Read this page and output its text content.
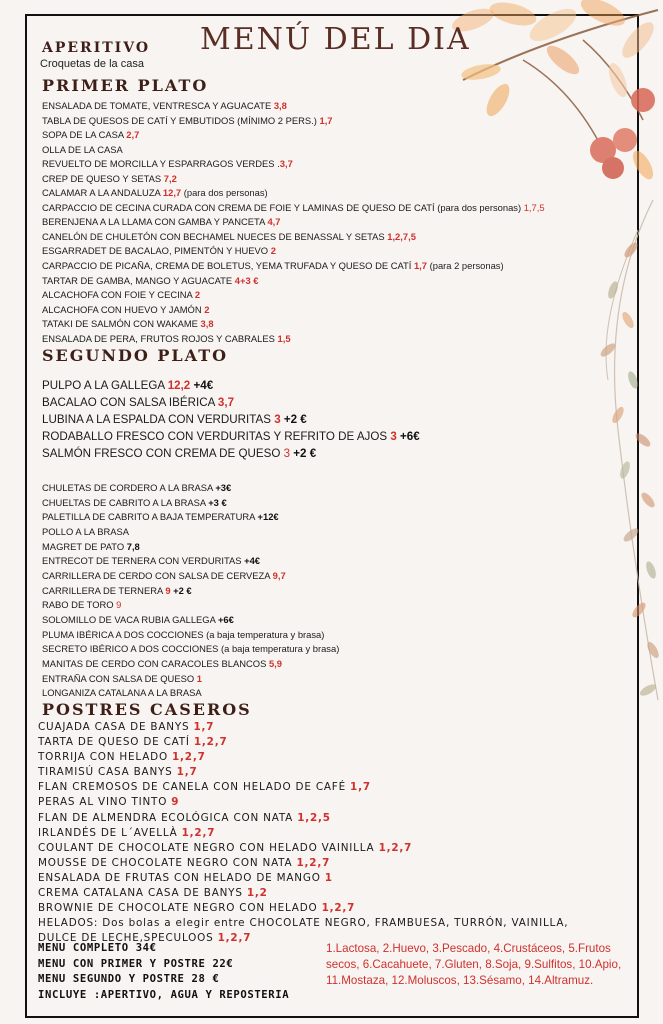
MENÚ DEL DIA
APERITIVO
Croquetas de la casa
PRIMER PLATO
ENSALADA DE TOMATE, VENTRESCA Y AGUACATE 3,8
TABLA DE QUESOS DE CATÍ Y EMBUTIDOS (MÍNIMO 2 PERS.) 1,7
SOPA DE LA CASA 2,7
OLLA DE LA CASA
REVUELTO DE MORCILLA Y ESPARRAGOS VERDES .3,7
CREP DE QUESO Y SETAS 7,2
CALAMAR A LA ANDALUZA 12,7 (para dos personas)
CARPACCIO DE CECINA CURADA CON CREMA DE FOIE Y LAMINAS DE QUESO DE CATÍ (para dos personas) 1,7,5
BERENJENA A LA LLAMA CON GAMBA Y PANCETA 4,7
CANELÓN DE CHULETÓN CON BECHAMEL NUECES DE BENASSAL Y SETAS 1,2,7,5
ESGARRADET DE BACALAO, PIMENTÓN Y HUEVO 2
CARPACCIO DE PICAÑA, CREMA DE BOLETUS, YEMA TRUFADA Y QUESO DE CATÍ 1,7 (para 2 personas)
TARTAR DE GAMBA, MANGO Y AGUACATE 4+3 €
ALCACHOFA CON FOIE Y CECINA 2
ALCACHOFA CON HUEVO Y JAMÓN 2
TATAKI DE SALMÓN CON WAKAME 3,8
ENSALADA DE PERA, FRUTOS ROJOS Y CABRALES 1,5
SEGUNDO PLATO
PULPO A LA GALLEGA 12,2 +4€
BACALAO CON SALSA IBÉRICA 3,7
LUBINA A LA ESPALDA CON VERDURITAS 3 +2 €
RODABALLO FRESCO CON VERDURITAS Y REFRITO DE AJOS 3 +6€
SALMÓN FRESCO CON CREMA DE QUESO 3 +2 €
CHULETAS DE CORDERO A LA BRASA +3€
CHUELTAS DE CABRITO A LA BRASA +3 €
PALETILLA DE CABRITO A BAJA TEMPERATURA +12€
POLLO A LA BRASA
MAGRET DE PATO 7,8
ENTRECOT DE TERNERA CON VERDURITAS +4€
CARRILLERA DE CERDO CON SALSA DE CERVEZA 9,7
CARRILLERA DE TERNERA 9 +2 €
RABO DE TORO 9
SOLOMILLO DE VACA RUBIA GALLEGA +6€
PLUMA IBÉRICA A DOS COCCIONES (a baja temperatura y brasa)
SECRETO IBÉRICO A DOS COCCIONES (a baja temperatura y brasa)
MANITAS DE CERDO CON CARACOLES BLANCOS 5,9
ENTRAÑA CON SALSA DE QUESO 1
LONGANIZA CATALANA A LA BRASA
POSTRES CASEROS
CUAJADA CASA DE BANYS 1,7
TARTA DE QUESO DE CATÍ 1,2,7
TORRIJA CON HELADO 1,2,7
TIRAMISÚ CASA BANYS 1,7
FLAN CREMOSOS DE CANELA CON HELADO DE CAFÉ 1,7
PERAS AL VINO TINTO 9
FLAN DE ALMENDRA ECOLÓGICA CON NATA 1,2,5
IRLANDÉS DE L´AVELLÀ 1,2,7
COULANT DE CHOCOLATE NEGRO CON HELADO VAINILLA 1,2,7
MOUSSE DE CHOCOLATE NEGRO CON NATA 1,2,7
ENSALADA DE FRUTAS CON HELADO DE MANGO 1
CREMA CATALANA CASA DE BANYS 1,2
BROWNIE DE CHOCOLATE NEGRO CON HELADO 1,2,7
HELADOS: Dos bolas a elegir entre CHOCOLATE NEGRO, FRAMBUESA, TURRÓN, VAINILLA,
DULCE DE LECHE,SPECULOOS 1,2,7
MENU COMPLETO 34€
MENU CON PRIMER Y POSTRE 22€
MENU SEGUNDO Y POSTRE 28 €
INCLUYE :APERTIVO, AGUA Y REPOSTERIA
1.Lactosa, 2.Huevo, 3.Pescado, 4.Crustáceos, 5.Frutos secos, 6.Cacahuete, 7.Gluten, 8.Soja, 9.Sulfitos, 10.Apio, 11.Mostaza, 12.Moluscos, 13.Sésamo, 14.Altramuz.
